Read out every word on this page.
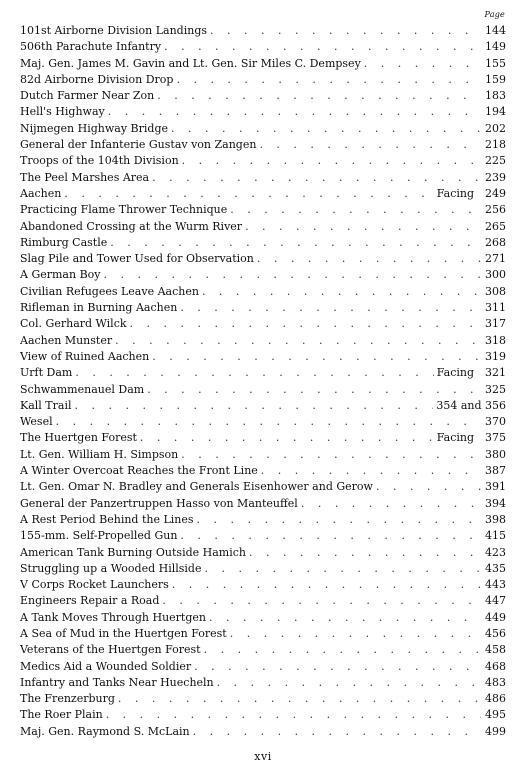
Page
101st Airborne Division Landings . . .	144
506th Parachute Infantry . . .	149
Maj. Gen. James M. Gavin and Lt. Gen. Sir Miles C. Dempsey . . .	155
82d Airborne Division Drop . . .	159
Dutch Farmer Near Zon . . .	183
Hell's Highway . . .	194
Nijmegen Highway Bridge . . .	202
General der Infanterie Gustav von Zangen . . .	218
Troops of the 104th Division . . .	225
The Peel Marshes Area . . .	239
Aachen . . .	Facing 249
Practicing Flame Thrower Technique . . .	256
Abandoned Crossing at the Wurm River . . .	265
Rimburg Castle . . .	268
Slag Pile and Tower Used for Observation . . .	271
A German Boy . . .	300
Civilian Refugees Leave Aachen . . .	308
Rifleman in Burning Aachen . . .	311
Col. Gerhard Wilck . . .	317
Aachen Munster . . .	318
View of Ruined Aachen . . .	319
Urft Dam . . .	Facing 321
Schwammenauel Dam . . .	325
Kall Trail . . .	354 and 356
Wesel . . .	370
The Huertgen Forest . . .	Facing 375
Lt. Gen. William H. Simpson . . .	380
A Winter Overcoat Reaches the Front Line . . .	387
Lt. Gen. Omar N. Bradley and Generals Eisenhower and Gerow . . .	391
General der Panzertruppen Hasso von Manteuffel . . .	394
A Rest Period Behind the Lines . . .	398
155-mm. Self-Propelled Gun . . .	415
American Tank Burning Outside Hamich . . .	423
Struggling up a Wooded Hillside . . .	435
V Corps Rocket Launchers . . .	443
Engineers Repair a Road . . .	447
A Tank Moves Through Huertgen . . .	449
A Sea of Mud in the Huertgen Forest . . .	456
Veterans of the Huertgen Forest . . .	458
Medics Aid a Wounded Soldier . . .	468
Infantry and Tanks Near Huecheln . . .	483
The Frenzerburg . . .	486
The Roer Plain . . .	495
Maj. Gen. Raymond S. McLain . . .	499
xvi
